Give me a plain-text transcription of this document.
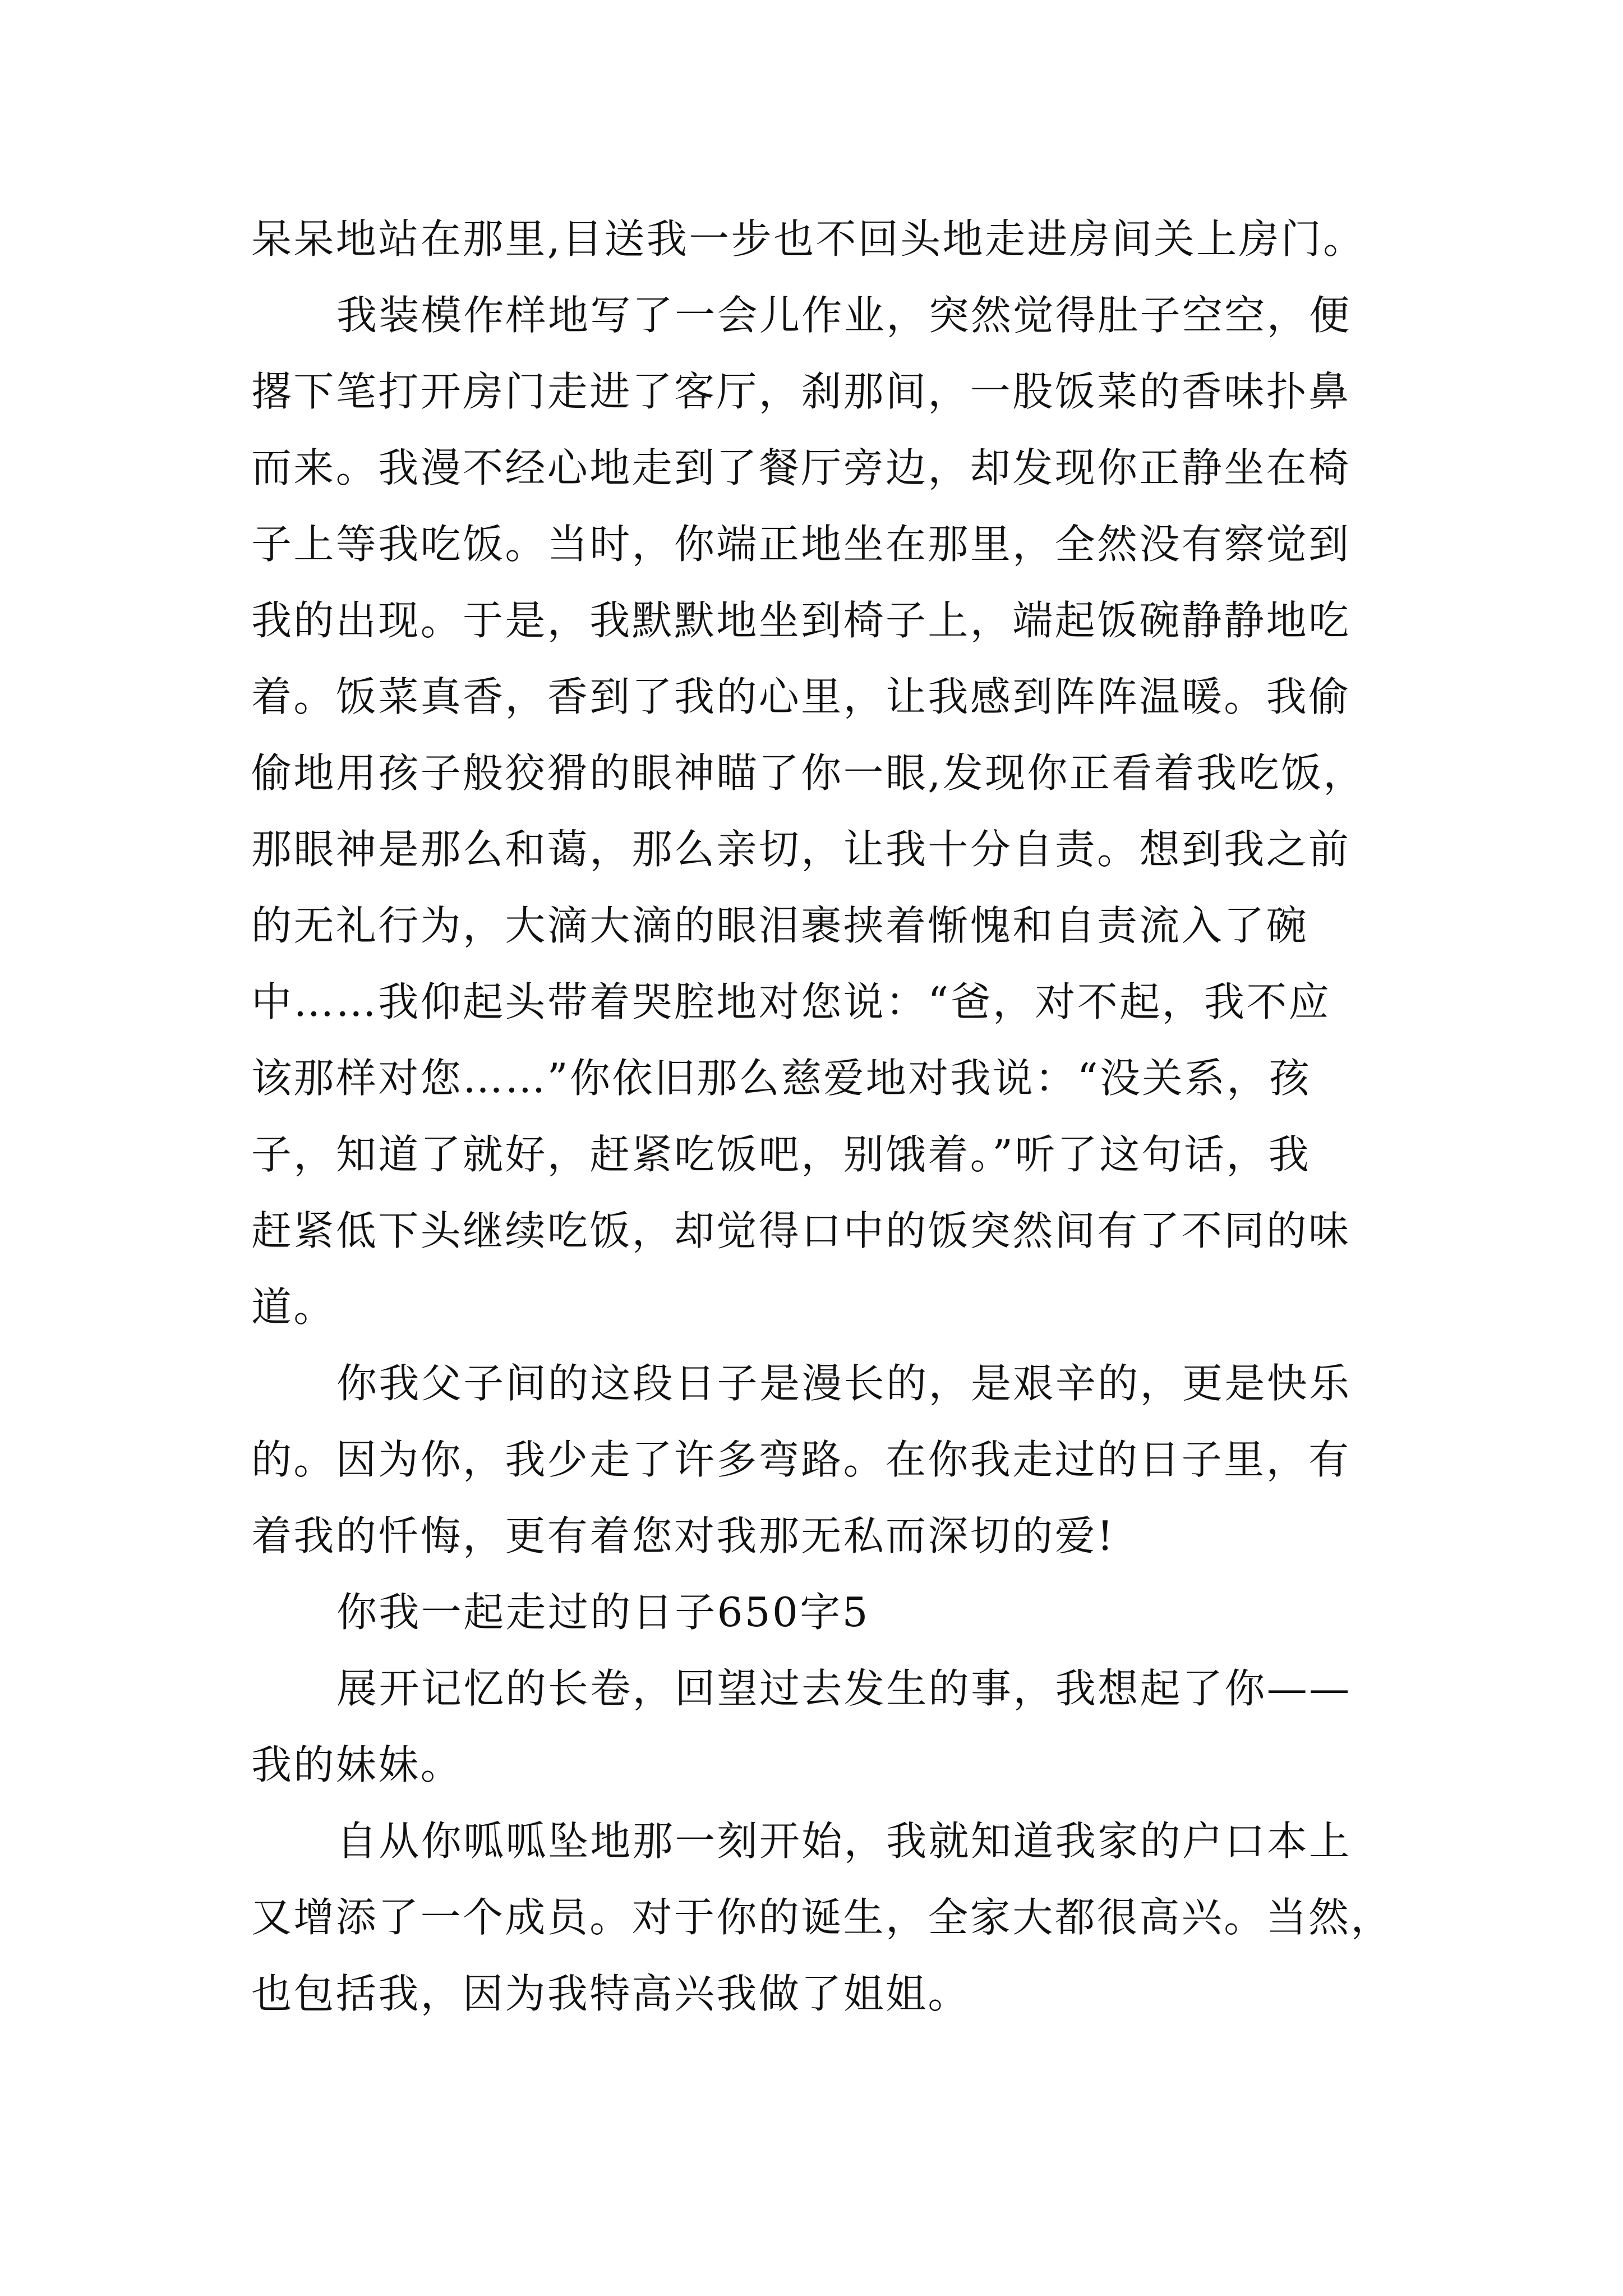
呆呆地站在那里,目送我一步也不回头地走进房间关上房门。
我装模作样地写了一会儿作业，突然觉得肚子空空，便
撂下笔打开房门走进了客厅，刹那间，一股饭菜的香味扑鼻
而来。我漫不经心地走到了餐厅旁边，却发现你正静坐在椅
子上等我吃饭。当时，你端正地坐在那里，全然没有察觉到
我的出现。于是，我默默地坐到椅子上，端起饭碗静静地吃
着。饭菜真香，香到了我的心里，让我感到阵阵温暖。我偷
偷地用孩子般狡猾的眼神瞄了你一眼,发现你正看着我吃饭，
那眼神是那么和蔼，那么亲切，让我十分自责。想到我之前
的无礼行为，大滴大滴的眼泪裹挟着惭愧和自责流入了碗
中……我仰起头带着哭腔地对您说：“爸，对不起，我不应
该那样对您……”你依旧那么慈爱地对我说：“没关系，孩
子，知道了就好，赶紧吃饭吧，别饿着。”听了这句话，我
赶紧低下头继续吃饭，却觉得口中的饭突然间有了不同的味
道。
你我父子间的这段日子是漫长的，是艰辛的，更是快乐
的。因为你，我少走了许多弯路。在你我走过的日子里，有
着我的忏悔，更有着您对我那无私而深切的爱!
你我一起走过的日子650字5
展开记忆的长卷，回望过去发生的事，我想起了你——
我的妹妹。
自从你呱呱坠地那一刻开始，我就知道我家的户口本上
又增添了一个成员。对于你的诞生，全家大都很高兴。当然，
也包括我，因为我特高兴我做了姐姐。
